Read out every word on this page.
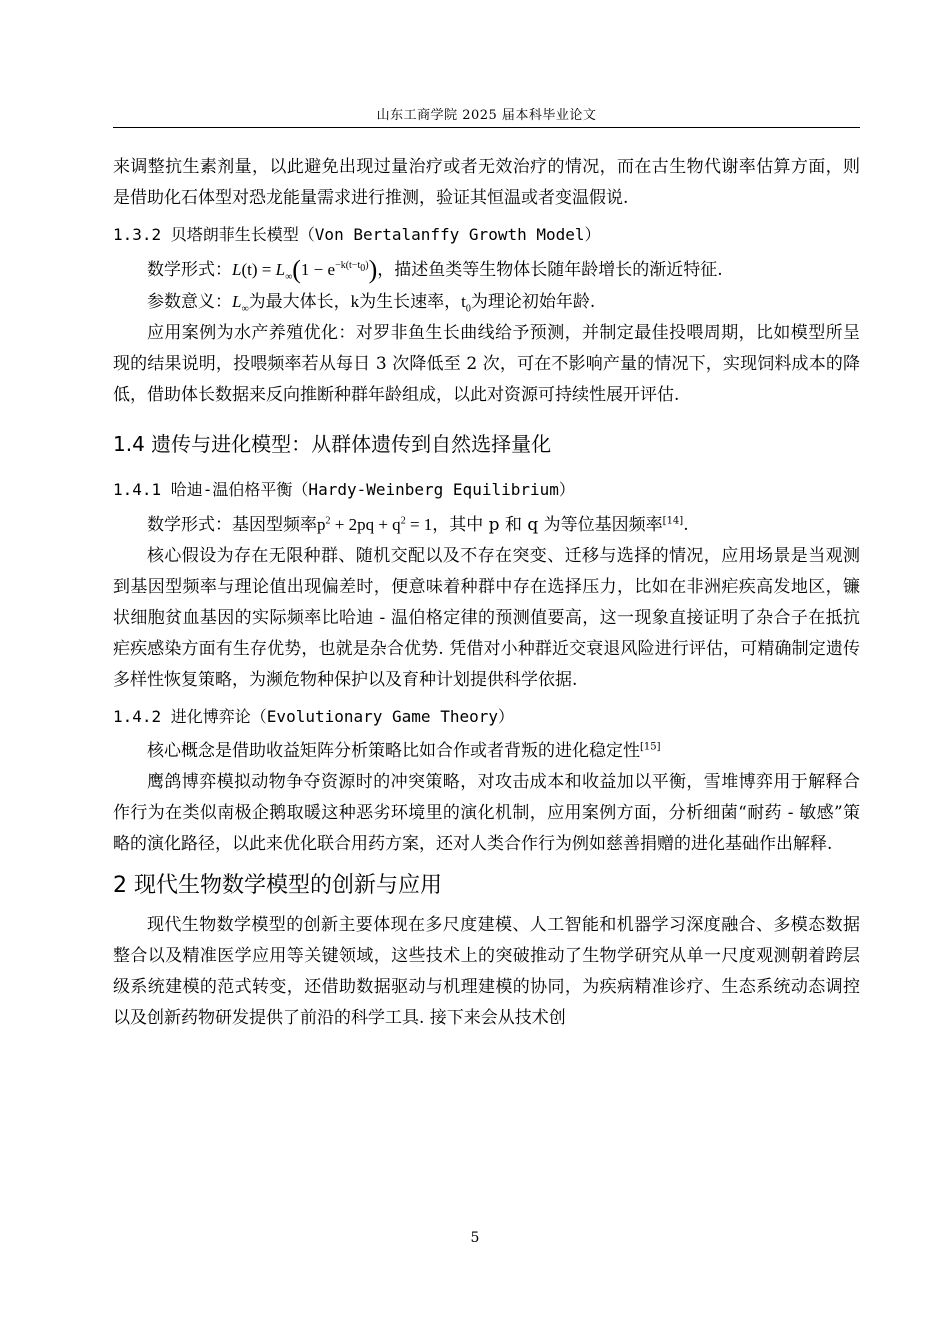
山东工商学院 2025 届本科毕业论文

来调整抗生素剂量，以此避免出现过量治疗或者无效治疗的情况，而在古生物代谢率估算方面，则是借助化石体型对恐龙能量需求进行推测，验证其恒温或者变温假说.

1.3.2 贝塔朗菲生长模型（Von Bertalanffy Growth Model）

数学形式：$L(t) = L_\infty(1 - e^{-k(t-t_0)})$，描述鱼类等生物体长随年龄增长的渐近特征.

参数意义：$L_\infty$为最大体长，k为生长速率，$t_0$为理论初始年龄.

应用案例为水产养殖优化：对罗非鱼生长曲线给予预测，并制定最佳投喂周期，比如模型所呈现的结果说明，投喂频率若从每日 3 次降低至 2 次，可在不影响产量的情况下，实现饲料成本的降低，借助体长数据来反向推断种群年龄组成，以此对资源可持续性展开评估.

1.4 遗传与进化模型：从群体遗传到自然选择量化
1.4.1 哈迪-温伯格平衡（Hardy-Weinberg Equilibrium）

数学形式：基因型频率$p^2 + 2pq + q^2 = 1$，其中 p 和 q 为等位基因频率[14].

核心假设为存在无限种群、随机交配以及不存在突变、迁移与选择的情况，应用场景是当观测到基因型频率与理论值出现偏差时，便意味着种群中存在选择压力，比如在非洲疟疾高发地区，镰状细胞贫血基因的实际频率比哈迪 - 温伯格定律的预测值要高，这一现象直接证明了杂合子在抵抗疟疾感染方面有生存优势，也就是杂合优势. 凭借对小种群近交衰退风险进行评估，可精确制定遗传多样性恢复策略，为濒危物种保护以及育种计划提供科学依据.

1.4.2 进化博弈论（Evolutionary Game Theory）

核心概念是借助收益矩阵分析策略比如合作或者背叛的进化稳定性[15]

鹰鸽博弈模拟动物争夺资源时的冲突策略，对攻击成本和收益加以平衡，雪堆博弈用于解释合作行为在类似南极企鹅取暖这种恶劣环境里的演化机制，应用案例方面，分析细菌“耐药 - 敏感”策略的演化路径，以此来优化联合用药方案，还对人类合作行为例如慈善捐赠的进化基础作出解释.

2 现代生物数学模型的创新与应用

现代生物数学模型的创新主要体现在多尺度建模、人工智能和机器学习深度融合、多模态数据整合以及精准医学应用等关键领域，这些技术上的突破推动了生物学研究从单一尺度观测朝着跨层级系统建模的范式转变，还借助数据驱动与机理建模的协同，为疾病精准诊疗、生态系统动态调控以及创新药物研发提供了前沿的科学工具. 接下来会从技术创

5
